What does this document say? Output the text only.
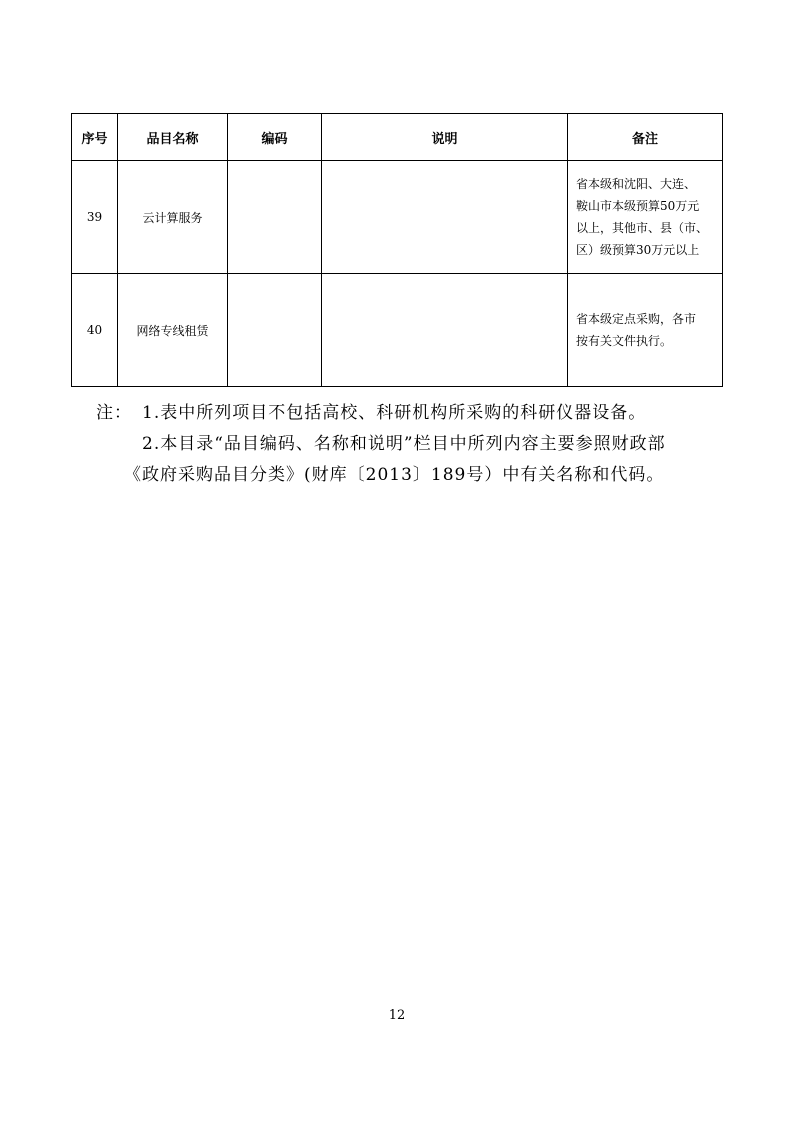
序号	品目名称	编码	说明	备注
39	云计算服务			省本级和沈阳、大连、
鞍山市本级预算50万元
以上，其他市、县（市、
区）级预算30万元以上

40	网络专线租赁			省本级定点采购，各市
按有关文件执行。
注： 1.表中所列项目不包括高校、科研机构所采购的科研仪器设备。
2.本目录“品目编码、名称和说明”栏目中所列内容主要参照财政部
《政府采购品目分类》(财库〔2013〕189号）中有关名称和代码。
12
